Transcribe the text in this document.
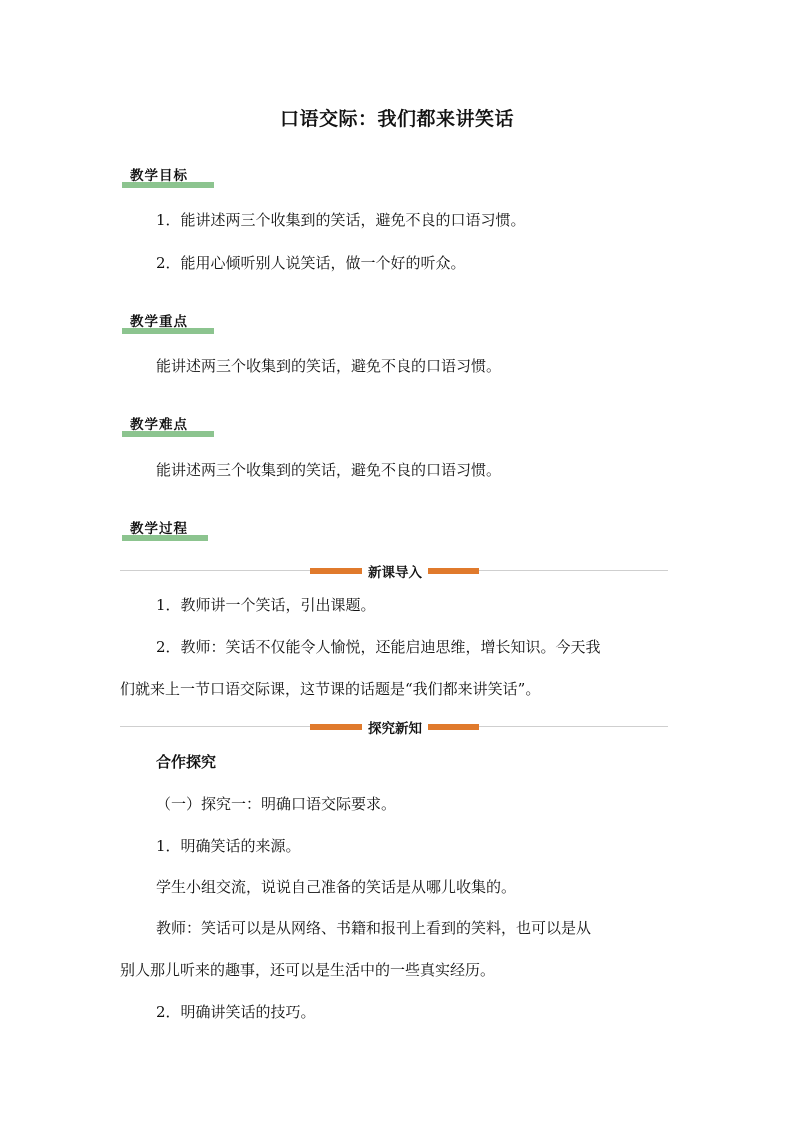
口语交际：我们都来讲笑话
教学目标
1．能讲述两三个收集到的笑话，避免不良的口语习惯。
2．能用心倾听别人说笑话，做一个好的听众。
教学重点
能讲述两三个收集到的笑话，避免不良的口语习惯。
教学难点
能讲述两三个收集到的笑话，避免不良的口语习惯。
教学过程
新课导入
1．教师讲一个笑话，引出课题。
2．教师：笑话不仅能令人愉悦，还能启迪思维，增长知识。今天我
们就来上一节口语交际课，这节课的话题是“我们都来讲笑话”。
探究新知
合作探究
（一）探究一：明确口语交际要求。
1．明确笑话的来源。
学生小组交流，说说自己准备的笑话是从哪儿收集的。
教师：笑话可以是从网络、书籍和报刊上看到的笑料，也可以是从
别人那儿听来的趣事，还可以是生活中的一些真实经历。
2．明确讲笑话的技巧。
